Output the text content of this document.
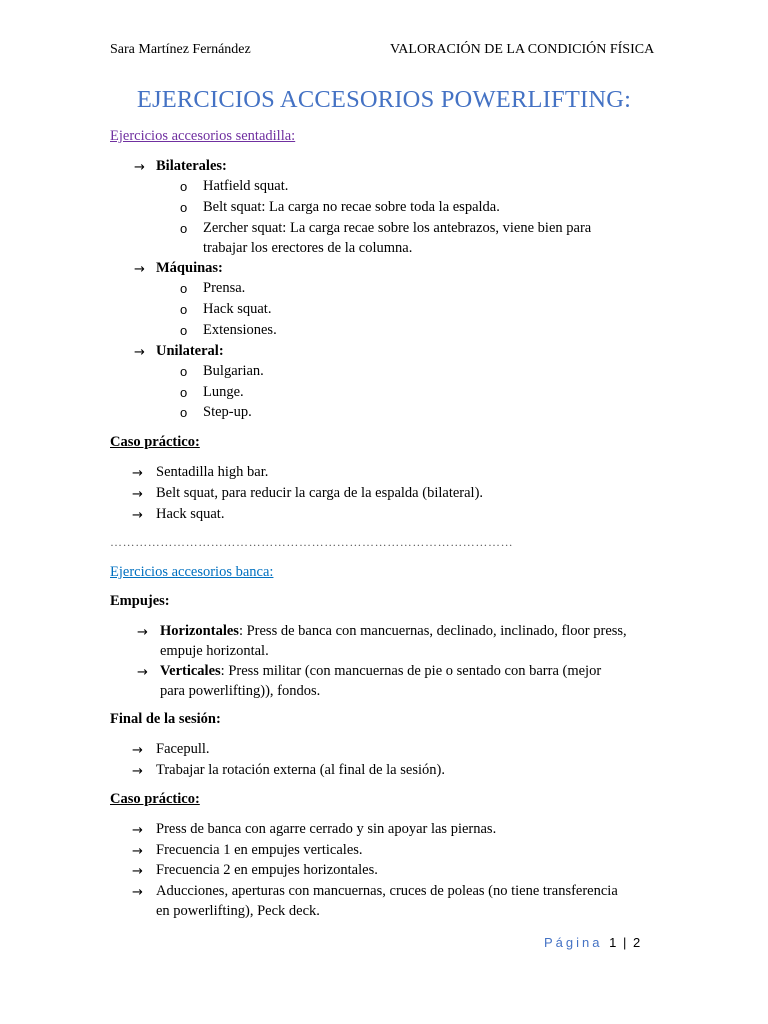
Sara Martínez Fernández	VALORACIÓN DE LA CONDICIÓN FÍSICA
EJERCICIOS ACCESORIOS POWERLIFTING:
Ejercicios accesorios sentadilla:
→ Bilaterales:
o Hatfield squat.
o Belt squat: La carga no recae sobre toda la espalda.
o Zercher squat: La carga recae sobre los antebrazos, viene bien para
trabajar los erectores de la columna.
→ Máquinas:
o Prensa.
o Hack squat.
o Extensiones.
→ Unilateral:
o Bulgarian.
o Lunge.
o Step-up.
Caso práctico:
→ Sentadilla high bar.
→ Belt squat, para reducir la carga de la espalda (bilateral).
→ Hack squat.
……………………………………………………………………………………
Ejercicios accesorios banca:
Empujes:
→ Horizontales: Press de banca con mancuernas, declinado, inclinado, floor press,
empuje horizontal.
→ Verticales: Press militar (con mancuernas de pie o sentado con barra (mejor
para powerlifting)), fondos.
Final de la sesión:
→ Facepull.
→ Trabajar la rotación externa (al final de la sesión).
Caso práctico:
→ Press de banca con agarre cerrado y sin apoyar las piernas.
→ Frecuencia 1 en empujes verticales.
→ Frecuencia 2 en empujes horizontales.
→ Aducciones, aperturas con mancuernas, cruces de poleas (no tiene transferencia
en powerlifting), Peck deck.
Página 1 | 2
